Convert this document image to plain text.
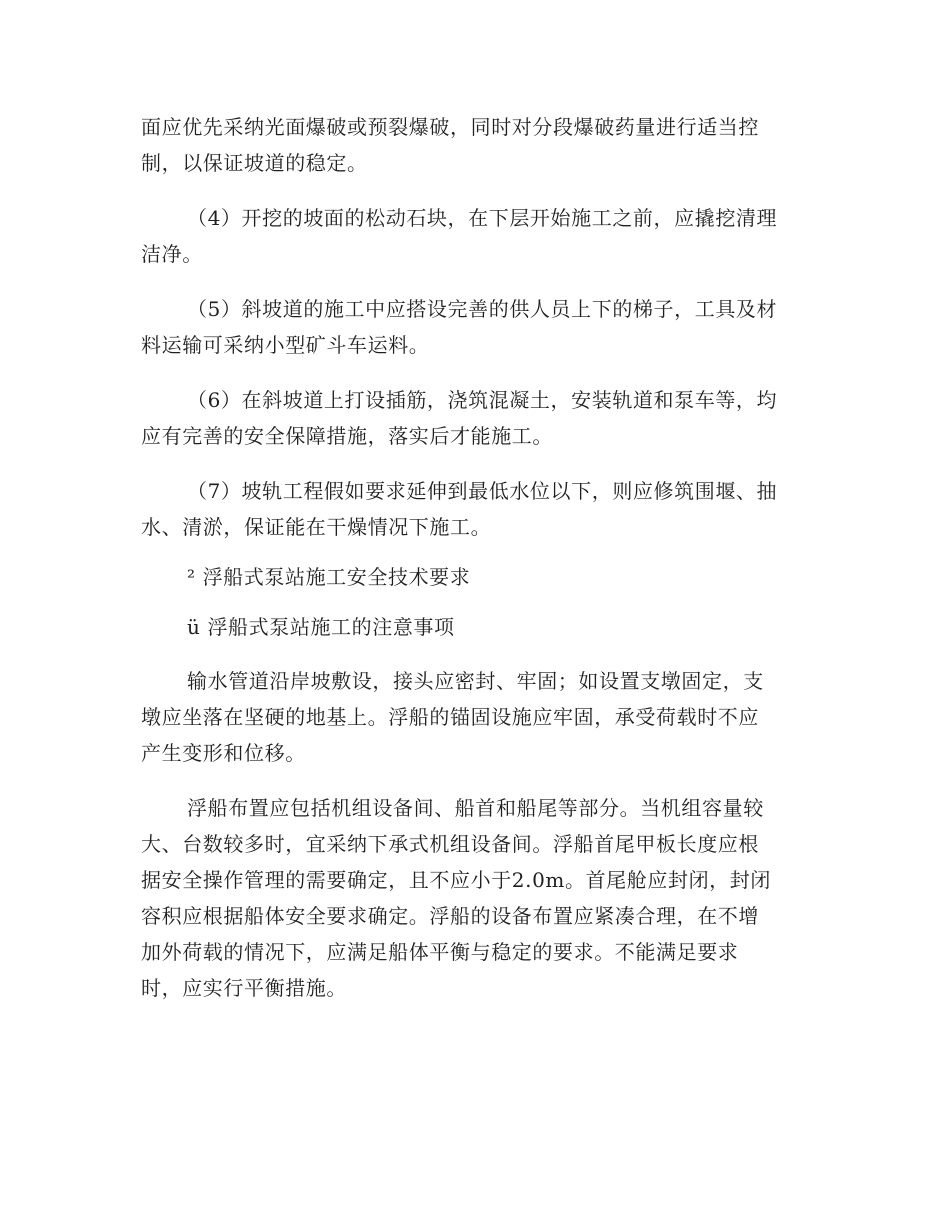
面应优先采纳光面爆破或预裂爆破，同时对分段爆破药量进行适当控
制，以保证坡道的稳定。
（4）开挖的坡面的松动石块，在下层开始施工之前，应撬挖清理
洁净。
（5）斜坡道的施工中应搭设完善的供人员上下的梯子，工具及材
料运输可采纳小型矿斗车运料。
（6）在斜坡道上打设插筋，浇筑混凝土，安装轨道和泵车等，均
应有完善的安全保障措施，落实后才能施工。
（7）坡轨工程假如要求延伸到最低水位以下，则应修筑围堰、抽
水、清淤，保证能在干燥情况下施工。
² 浮船式泵站施工安全技术要求
ü 浮船式泵站施工的注意事项
输水管道沿岸坡敷设，接头应密封、牢固；如设置支墩固定，支
墩应坐落在坚硬的地基上。浮船的锚固设施应牢固，承受荷载时不应
产生变形和位移。
浮船布置应包括机组设备间、船首和船尾等部分。当机组容量较
大、台数较多时，宜采纳下承式机组设备间。浮船首尾甲板长度应根
据安全操作管理的需要确定，且不应小于2.0m。首尾舱应封闭，封闭
容积应根据船体安全要求确定。浮船的设备布置应紧凑合理，在不增
加外荷载的情况下，应满足船体平衡与稳定的要求。不能满足要求
时，应实行平衡措施。
